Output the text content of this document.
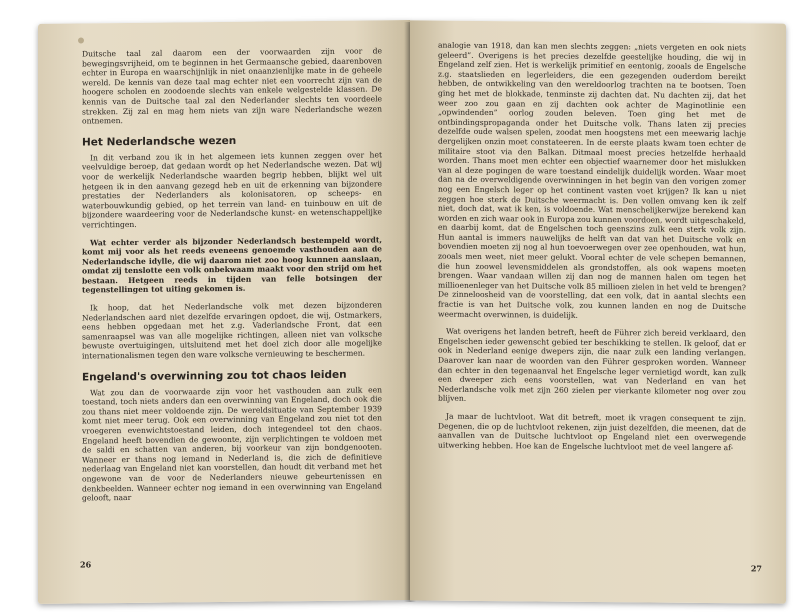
Duitsche taal zal daarom een der voorwaarden zijn voor de bewegingsvrijheid, om te beginnen in het Germaansche gebied, daarenboven echter in Europa en waarschijnlijk in niet onaanzienlijke mate in de geheele wereld. De kennis van deze taal mag echter niet een voorrecht zijn van de hoogere scholen en zoodoende slechts van enkele welgestelde klassen. De kennis van de Duitsche taal zal den Nederlander slechts ten voordeele strekken. Zij zal en mag hem niets van zijn ware Nederlandsche wezen ontnemen.

Het Nederlandsche wezen

In dit verband zou ik in het algemeen iets kunnen zeggen over het veelvuldige beroep, dat gedaan wordt op het Nederlandsche wezen. Dat wij voor de werkelijk Nederlandsche waarden begrip hebben, blijkt wel uit hetgeen ik in den aanvang gezegd heb en uit de erkenning van bijzondere prestaties der Nederlanders als kolonisatoren, op scheeps- en waterbouwkundig gebied, op het terrein van land- en tuinbouw en uit de bijzondere waardeering voor de Nederlandsche kunst- en wetenschappelijke verrichtingen.

Wat echter verder als bijzonder Nederlandsch bestempeld wordt, komt mij voor als het reeds eveneens genoemde vasthouden aan de Nederlandsche idylle, die wij daarom niet zoo hoog kunnen aanslaan, omdat zij tenslotte een volk onbekwaam maakt voor den strijd om het bestaan. Hetgeen reeds in tijden van felle botsingen der tegenstellingen tot uiting gekomen is.

Ik hoop, dat het Nederlandsche volk met dezen bijzonderen Nederlandschen aard niet dezelfde ervaringen opdoet, die wij, Ostmarkers, eens hebben opgedaan met het z.g. Vaderlandsche Front, dat een samenraapsel was van alle mogelijke richtingen, alleen niet van volksche bewuste overtuigingen, uitsluitend met het doel zich door alle mogelijke internationalismen tegen den ware volksche vernieuwing te beschermen.

Engeland's overwinning zou tot chaos leiden

Wat zou dan de voorwaarde zijn voor het vasthouden aan zulk een toestand, toch niets anders dan een overwinning van Engeland, doch ook die zou thans niet meer voldoende zijn. De wereldsituatie van September 1939 komt niet meer terug. Ook een overwinning van Engeland zou niet tot den vroegeren evenwichtstoestand leiden, doch integendeel tot den chaos. Engeland heeft bovendien de gewoonte, zijn verplichtingen te voldoen met de saldi en schatten van anderen, bij voorkeur van zijn bondgenooten. Wanneer er thans nog iemand in Nederland is, die zich de definitieve nederlaag van Engeland niet kan voorstellen, dan houdt dit verband met het ongewone van de voor de Nederlanders nieuwe gebeurtenissen en denkbeelden. Wanneer echter nog iemand in een overwinning van Engeland gelooft, naar

26

analogie van 1918, dan kan men slechts zeggen: „niets vergeten en ook niets geleerd”. Overigens is het precies dezelfde geestelijke houding, die wij in Engeland zelf zien. Het is werkelijk primitief en eentonig, zooals de Engelsche z.g. staatslieden en legerleiders, die een gezegenden ouderdom bereikt hebben, de ontwikkeling van den wereldoorlog trachten na te bootsen. Toen ging het met de blokkade, tenminste zij dachten dat. Nu dachten zij, dat het weer zoo zou gaan en zij dachten ook achter de Maginotlinie een „opwindenden” oorlog zouden beleven. Toen ging het met de ontbindingspropaganda onder het Duitsche volk. Thans laten zij precies dezelfde oude walsen spelen, zoodat men hoogstens met een meewarig lachje dergelijken onzin moet constateeren. In de eerste plaats kwam toen echter de militaire stoot via den Balkan. Ditmaal moest precies hetzelfde herhaald worden. Thans moet men echter een objectief waarnemer door het mislukken van al deze pogingen de ware toestand eindelijk duidelijk worden. Waar moet dan na de overweldigende overwinningen in het begin van den vorigen zomer nog een Engelsch leger op het continent vasten voet krijgen? Ik kan u niet zeggen hoe sterk de Duitsche weermacht is. Den vollen omvang ken ik zelf niet, doch dat, wat ik ken, is voldoende. Wat menschelijkerwijze berekend kan worden en zich waar ook in Europa zou kunnen voordoen, wordt uitgeschakeld, en daarbij komt, dat de Engelschen toch geenszins zulk een sterk volk zijn. Hun aantal is immers nauwelijks de helft van dat van het Duitsche volk en bovendien moeten zij nog al hun toevoerwegen over zee openhouden, wat hun, zooals men weet, niet meer gelukt. Vooral echter de vele schepen bemannen, die hun zoowel levensmiddelen als grondstoffen, als ook wapens moeten brengen. Waar vandaan willen zij dan nog de mannen halen om tegen het millioenenleger van het Duitsche volk 85 millioen zielen in het veld te brengen? De zinneloosheid van de voorstelling, dat een volk, dat in aantal slechts een fractie is van het Duitsche volk, zou kunnen landen en nog de Duitsche weermacht overwinnen, is duidelijk.

Wat overigens het landen betreft, heeft de Führer zich bereid verklaard, den Engelschen ieder gewenscht gebied ter beschikking te stellen. Ik geloof, dat er ook in Nederland eenige dwepers zijn, die naar zulk een landing verlangen. Daarover kan naar de woorden van den Führer gesproken worden. Wanneer dan echter in den tegenaanval het Engelsche leger vernietigd wordt, kan zulk een dweeper zich eens voorstellen, wat van Nederland en van het Nederlandsche volk met zijn 260 zielen per vierkante kilometer nog over zou blijven.

Ja maar de luchtvloot. Wat dit betreft, moet ik vragen consequent te zijn. Degenen, die op de luchtvloot rekenen, zijn juist dezelfden, die meenen, dat de aanvallen van de Duitsche luchtvloot op Engeland niet een overwegende uitwerking hebben. Hoe kan de Engelsche luchtvloot met de veel langere af-

27
